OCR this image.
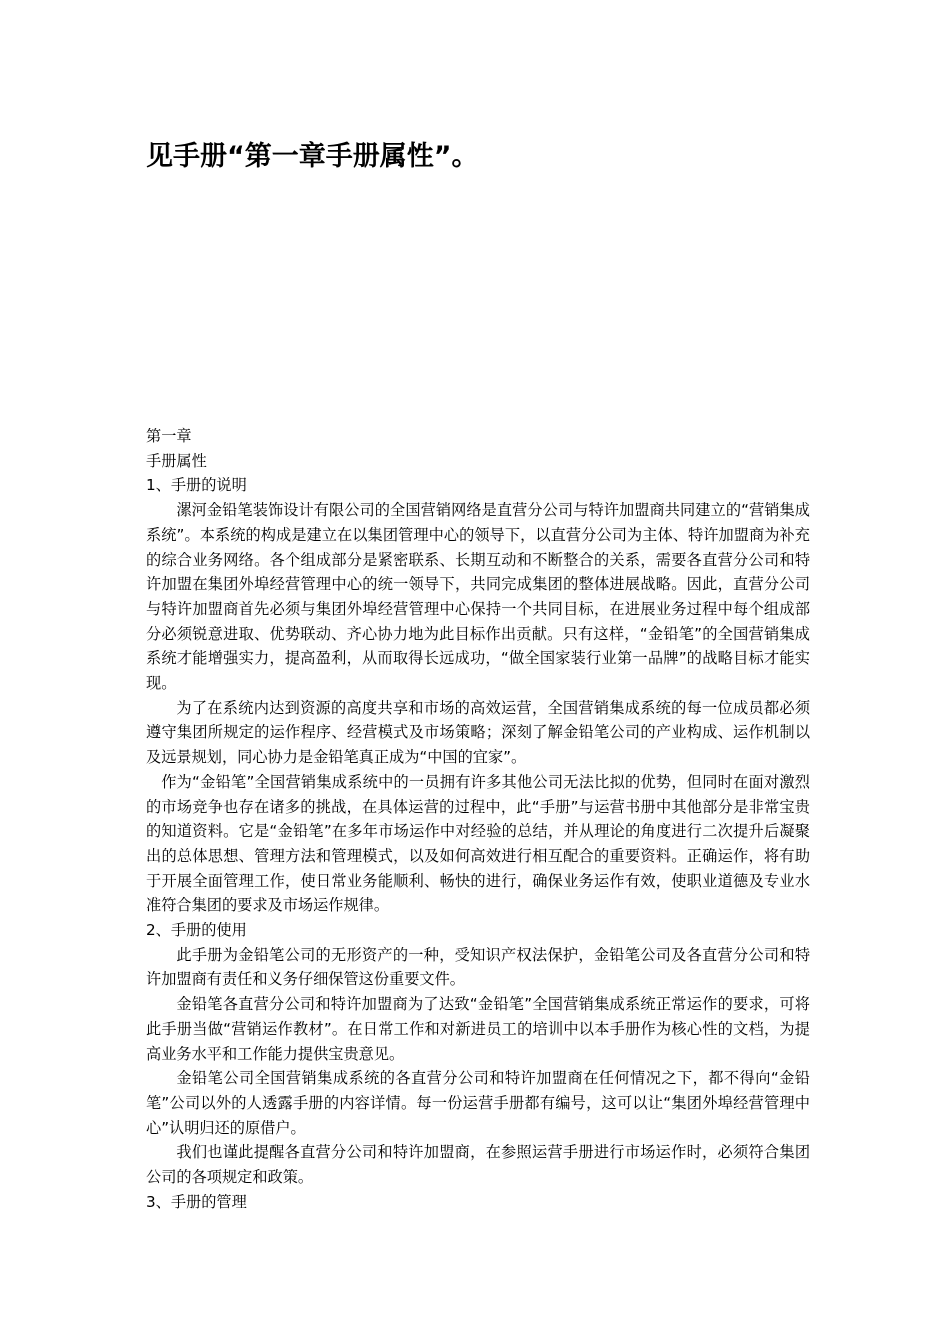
见手册“第一章手册属性”。

第一章

手册属性

1、手册的说明

漯河金铅笔装饰设计有限公司的全国营销网络是直营分公司与特许加盟商共同建立的“营销集成系统”。本系统的构成是建立在以集团管理中心的领导下，以直营分公司为主体、特许加盟商为补充的综合业务网络。各个组成部分是紧密联系、长期互动和不断整合的关系，需要各直营分公司和特许加盟在集团外埠经营管理中心的统一领导下，共同完成集团的整体进展战略。因此，直营分公司与特许加盟商首先必须与集团外埠经营管理中心保持一个共同目标，在进展业务过程中每个组成部分必须锐意进取、优势联动、齐心协力地为此目标作出贡献。只有这样，“金铅笔”的全国营销集成系统才能增强实力，提高盈利，从而取得长远成功，“做全国家装行业第一品牌”的战略目标才能实现。

为了在系统内达到资源的高度共享和市场的高效运营，全国营销集成系统的每一位成员都必须遵守集团所规定的运作程序、经营模式及市场策略；深刻了解金铅笔公司的产业构成、运作机制以及远景规划，同心协力是金铅笔真正成为“中国的宜家”。

作为“金铅笔”全国营销集成系统中的一员拥有许多其他公司无法比拟的优势，但同时在面对激烈的市场竞争也存在诸多的挑战，在具体运营的过程中，此“手册”与运营书册中其他部分是非常宝贵的知道资料。它是“金铅笔”在多年市场运作中对经验的总结，并从理论的角度进行二次提升后凝聚出的总体思想、管理方法和管理模式，以及如何高效进行相互配合的重要资料。正确运作，将有助于开展全面管理工作，使日常业务能顺利、畅快的进行，确保业务运作有效，使职业道德及专业水准符合集团的要求及市场运作规律。

2、手册的使用

此手册为金铅笔公司的无形资产的一种，受知识产权法保护，金铅笔公司及各直营分公司和特许加盟商有责任和义务仔细保管这份重要文件。

金铅笔各直营分公司和特许加盟商为了达致“金铅笔”全国营销集成系统正常运作的要求，可将此手册当做“营销运作教材”。在日常工作和对新进员工的培训中以本手册作为核心性的文档，为提高业务水平和工作能力提供宝贵意见。

金铅笔公司全国营销集成系统的各直营分公司和特许加盟商在任何情况之下，都不得向“金铅笔”公司以外的人透露手册的内容详情。每一份运营手册都有编号，这可以让“集团外埠经营管理中心”认明归还的原借户。

我们也谨此提醒各直营分公司和特许加盟商，在参照运营手册进行市场运作时，必须符合集团公司的各项规定和政策。

3、手册的管理
